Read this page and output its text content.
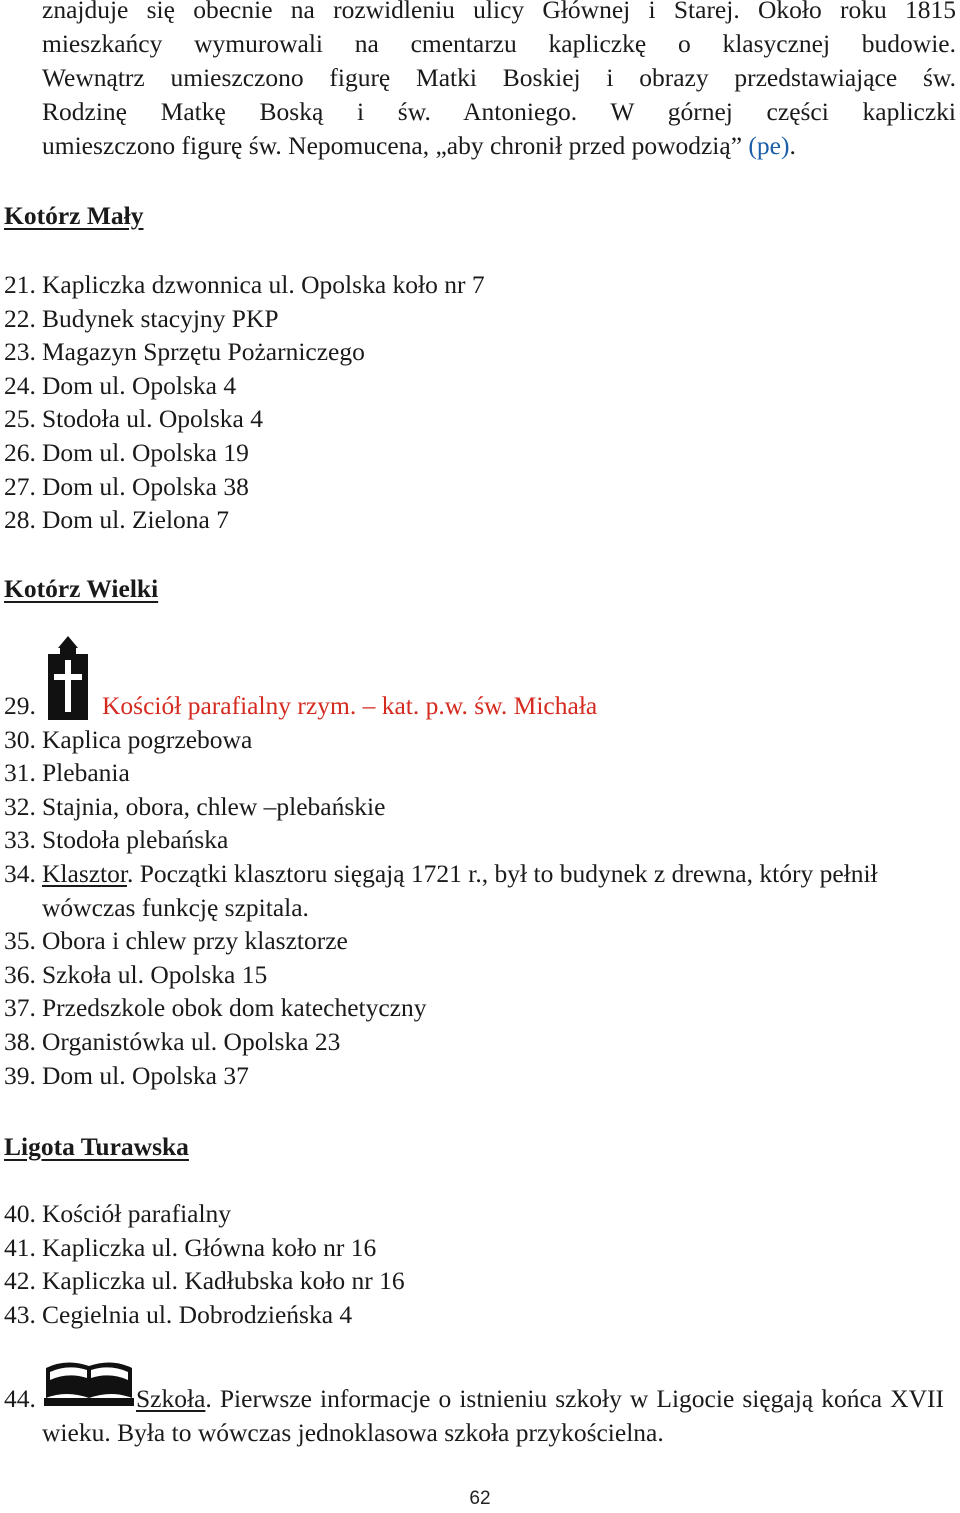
znajduje się obecnie na rozwidleniu ulicy Głównej i Starej. Około roku 1815

mieszkańcy wymurowali na cmentarzu kapliczkę o klasycznej budowie.

Wewnątrz umieszczono figurę Matki Boskiej i obrazy przedstawiające św.

Rodzinę Matkę Boską i św. Antoniego. W górnej części kapliczki

umieszczono figurę św. Nepomucena, „aby chronił przed powodzią” (pe).

Kotórz Mały
21. Kapliczka dzwonnica ul. Opolska koło nr 7
22. Budynek stacyjny PKP
23. Magazyn Sprzętu Pożarniczego
24. Dom ul. Opolska 4
25. Stodoła ul. Opolska 4
26. Dom ul. Opolska 19
27. Dom ul. Opolska 38
28. Dom ul. Zielona 7
Kotórz Wielki
29.	Kościół parafialny rzym. – kat. p.w. św. Michała
30. Kaplica pogrzebowa
31. Plebania
32. Stajnia, obora, chlew –plebańskie
33. Stodoła plebańska
34. Klasztor. Początki klasztoru sięgają 1721 r., był to budynek z drewna, który pełnił wówczas funkcję szpitala.
35. Obora i chlew przy klasztorze
36. Szkoła ul. Opolska 15
37. Przedszkole obok dom katechetyczny
38. Organistówka ul. Opolska 23
39. Dom ul. Opolska 37
Ligota Turawska
40. Kościół parafialny
41. Kapliczka ul. Główna koło nr 16
42. Kapliczka ul. Kadłubska koło nr 16
43. Cegielnia ul. Dobrodzieńska 4
44.	Szkoła. Pierwsze informacje o istnieniu szkoły w Ligocie sięgają końca XVII wieku. Była to wówczas jednoklasowa szkoła przykościelna.
62
